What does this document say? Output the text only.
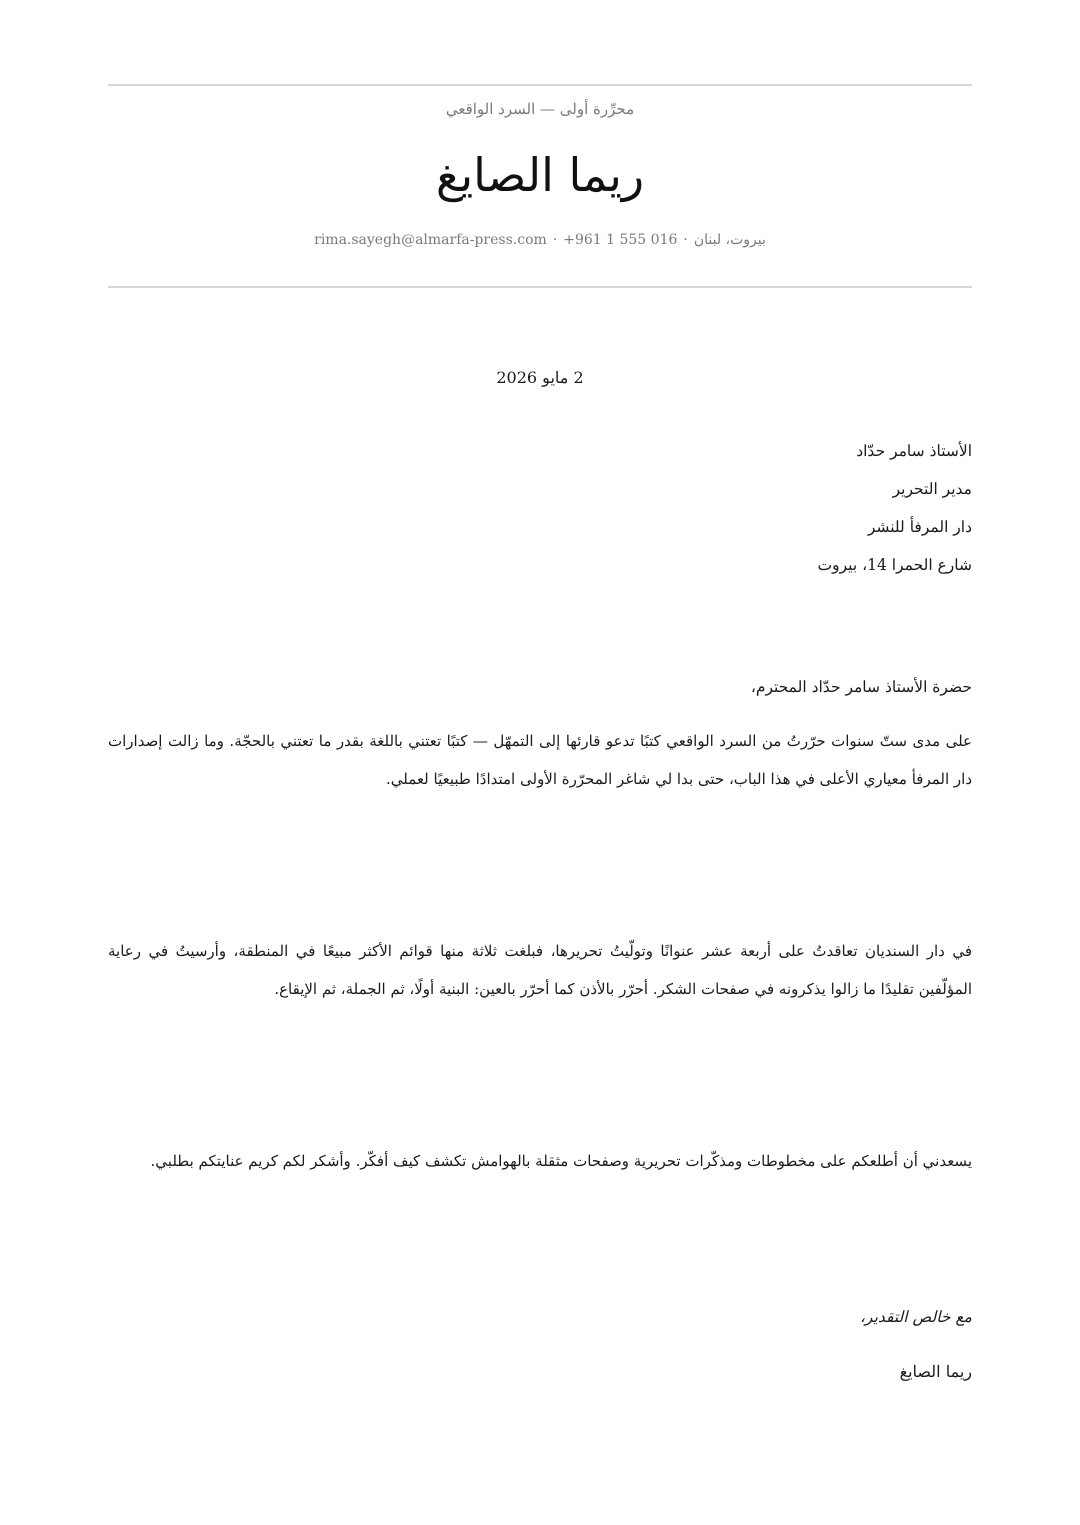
محرِّرة أولى — السرد الواقعي
ريما الصايغ
بيروت، لبنان·+961 1 555 016·rima.sayegh@almarfa-press.com
2 مايو 2026
الأستاذ سامر حدّاد
مدير التحرير
دار المرفأ للنشر
شارع الحمرا 14، بيروت
حضرة الأستاذ سامر حدّاد المحترم،
على مدى ستّ سنوات حرّرتُ من السرد الواقعي كتبًا تدعو قارئها إلى التمهّل — كتبًا تعتني باللغة بقدر ما تعتني بالحجّة. وما زالت إصدارات دار المرفأ معياري الأعلى في هذا الباب، حتى بدا لي شاغر المحرّرة الأولى امتدادًا طبيعيًا لعملي.
في دار السنديان تعاقدتُ على أربعة عشر عنوانًا وتولّيتُ تحريرها، فبلغت ثلاثة منها قوائم الأكثر مبيعًا في المنطقة، وأرسيتُ في رعاية المؤلّفين تقليدًا ما زالوا يذكرونه في صفحات الشكر. أحرّر بالأذن كما أحرّر بالعين: البنية أولًا، ثم الجملة، ثم الإيقاع.
يسعدني أن أطلعكم على مخطوطات ومذكّرات تحريرية وصفحات مثقلة بالهوامش تكشف كيف أفكّر. وأشكر لكم كريم عنايتكم بطلبي.
مع خالص التقدير،
ريما الصايغ
